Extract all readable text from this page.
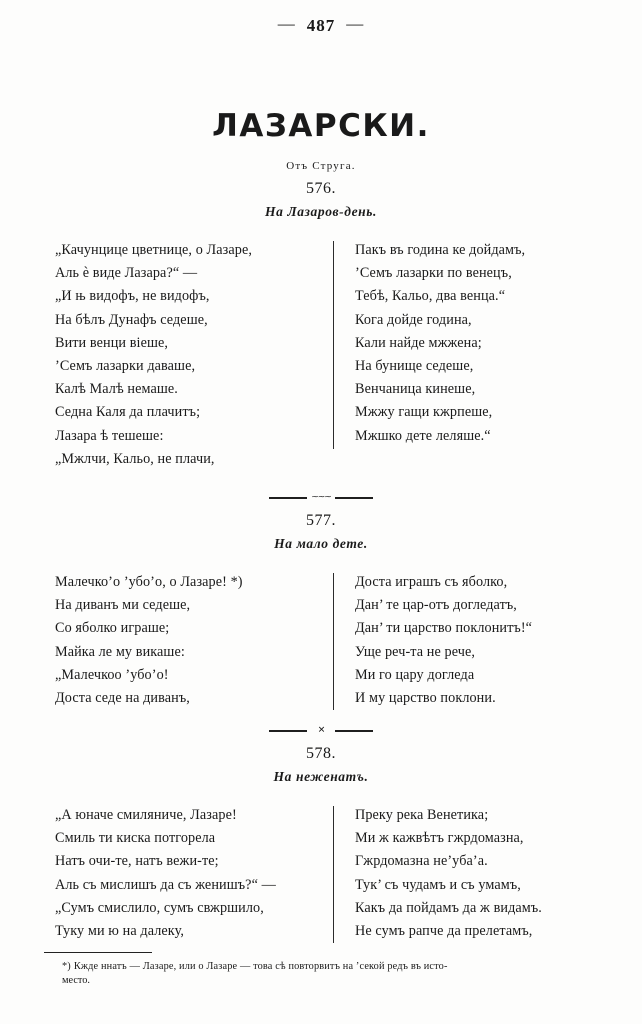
— 487 —
ЛАЗАРСКИ.
Отъ Струга.
576.
На Лазаров-день.
„Качунцице цветнице, о Лазаре,
Аль ѐ виде Лазара?“ —
„И њ видофъ, не видофъ,
На бѣлъ Дунафъ седеше,
Вити венци віеше,
’Семъ лазарки даваше,
Калѣ Малѣ немаше.
Седна Каля да плачитъ;
Лазара ѣ тешеше:
„Мжлчи, Кальо, не плачи,
Пакъ въ година ке дойдамъ,
’Семъ лазарки по венецъ,
Тебѣ, Кальо, два венца.“
Кога дойде година,
Кали найде мжжена;
На бунище седеше,
Венчаница кинеше,
Мжжу гащи кжрпеше,
Мжшко дете леляше.“
~~~
577.
На мало дете.
Малечко’о ’убо’о, о Лазаре! *)
На диванъ ми седеше,
Со яболко играше;
Майка ле му викаше:
„Малечкоо ’убо’о!
Доста седе на диванъ,
Доста играшъ съ яболко,
Дан’ те цар-отъ догледатъ,
Дан’ ти царство поклонитъ!“
Уще реч-та не рече,
Ми го цару догледа
И му царство поклони.
✕
578.
На неженатъ.
„А юначе смиляниче, Лазаре!
Смиль ти киска потгорела
Натъ очи-те, натъ вежи-те;
Аль съ мислишъ да съ женишъ?“ —
„Сумъ смислило, сумъ свжршило,
Туку ми ю на далеку,
Преку река Венетика;
Ми ж кажвѣтъ гжрдомазна,
Гжрдомазна не’уба’а.
Тук’ съ чудамъ и съ умамъ,
Какъ да пойдамъ да ж видамъ.
Не сумъ рапче да прелетамъ,
*) Кжде ннатъ — Лазаре, или о Лазаре — това сѣ повторвитъ на ’секой редъ въ исто-
место.
